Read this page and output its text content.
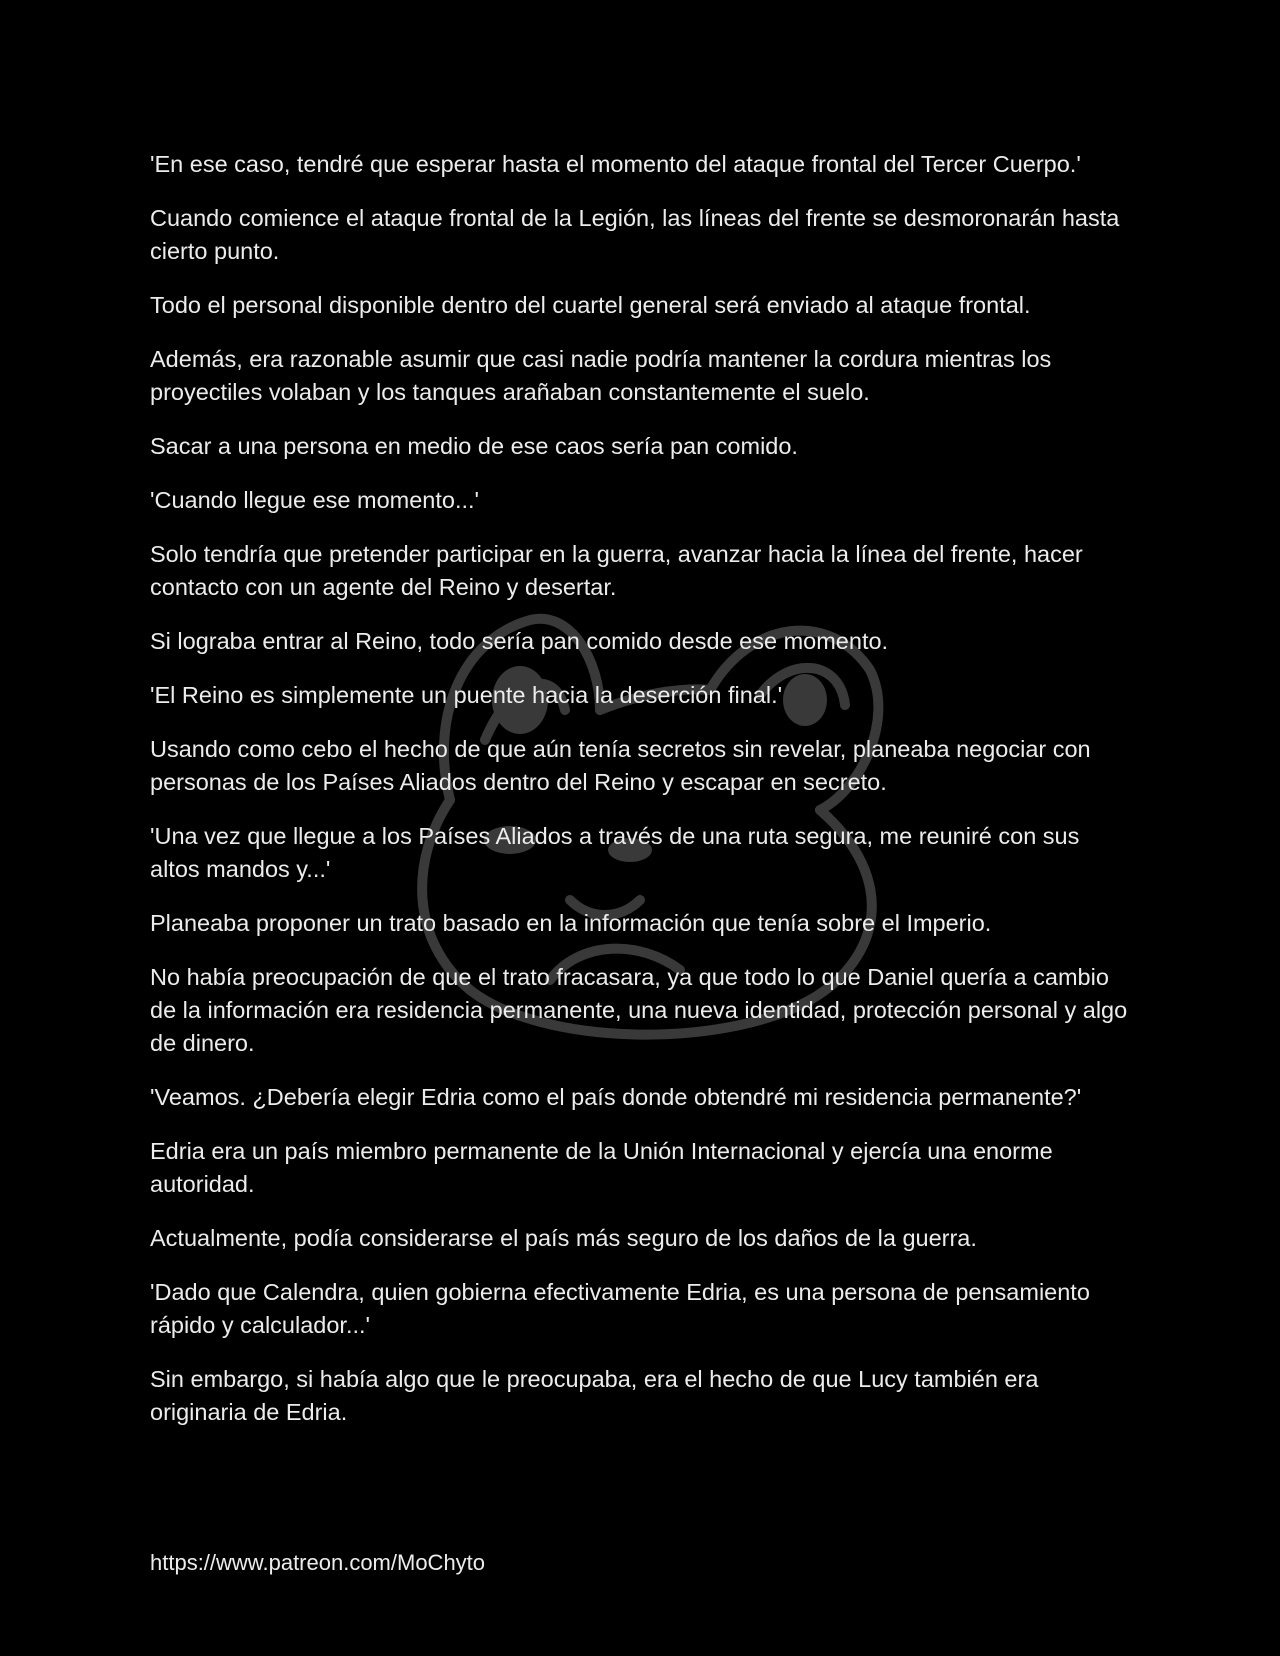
'En ese caso, tendré que esperar hasta el momento del ataque frontal del Tercer Cuerpo.'

Cuando comience el ataque frontal de la Legión, las líneas del frente se desmoronarán hasta cierto punto.

Todo el personal disponible dentro del cuartel general será enviado al ataque frontal.

Además, era razonable asumir que casi nadie podría mantener la cordura mientras los proyectiles volaban y los tanques arañaban constantemente el suelo.

Sacar a una persona en medio de ese caos sería pan comido.

'Cuando llegue ese momento...'

Solo tendría que pretender participar en la guerra, avanzar hacia la línea del frente, hacer contacto con un agente del Reino y desertar.

Si lograba entrar al Reino, todo sería pan comido desde ese momento.

'El Reino es simplemente un puente hacia la deserción final.'

Usando como cebo el hecho de que aún tenía secretos sin revelar, planeaba negociar con personas de los Países Aliados dentro del Reino y escapar en secreto.

'Una vez que llegue a los Países Aliados a través de una ruta segura, me reuniré con sus altos mandos y...'

Planeaba proponer un trato basado en la información que tenía sobre el Imperio.

No había preocupación de que el trato fracasara, ya que todo lo que Daniel quería a cambio de la información era residencia permanente, una nueva identidad, protección personal y algo de dinero.

'Veamos. ¿Debería elegir Edria como el país donde obtendré mi residencia permanente?'

Edria era un país miembro permanente de la Unión Internacional y ejercía una enorme autoridad.

Actualmente, podía considerarse el país más seguro de los daños de la guerra.

'Dado que Calendra, quien gobierna efectivamente Edria, es una persona de pensamiento rápido y calculador...'

Sin embargo, si había algo que le preocupaba, era el hecho de que Lucy también era originaria de Edria.

https://www.patreon.com/MoChyto
